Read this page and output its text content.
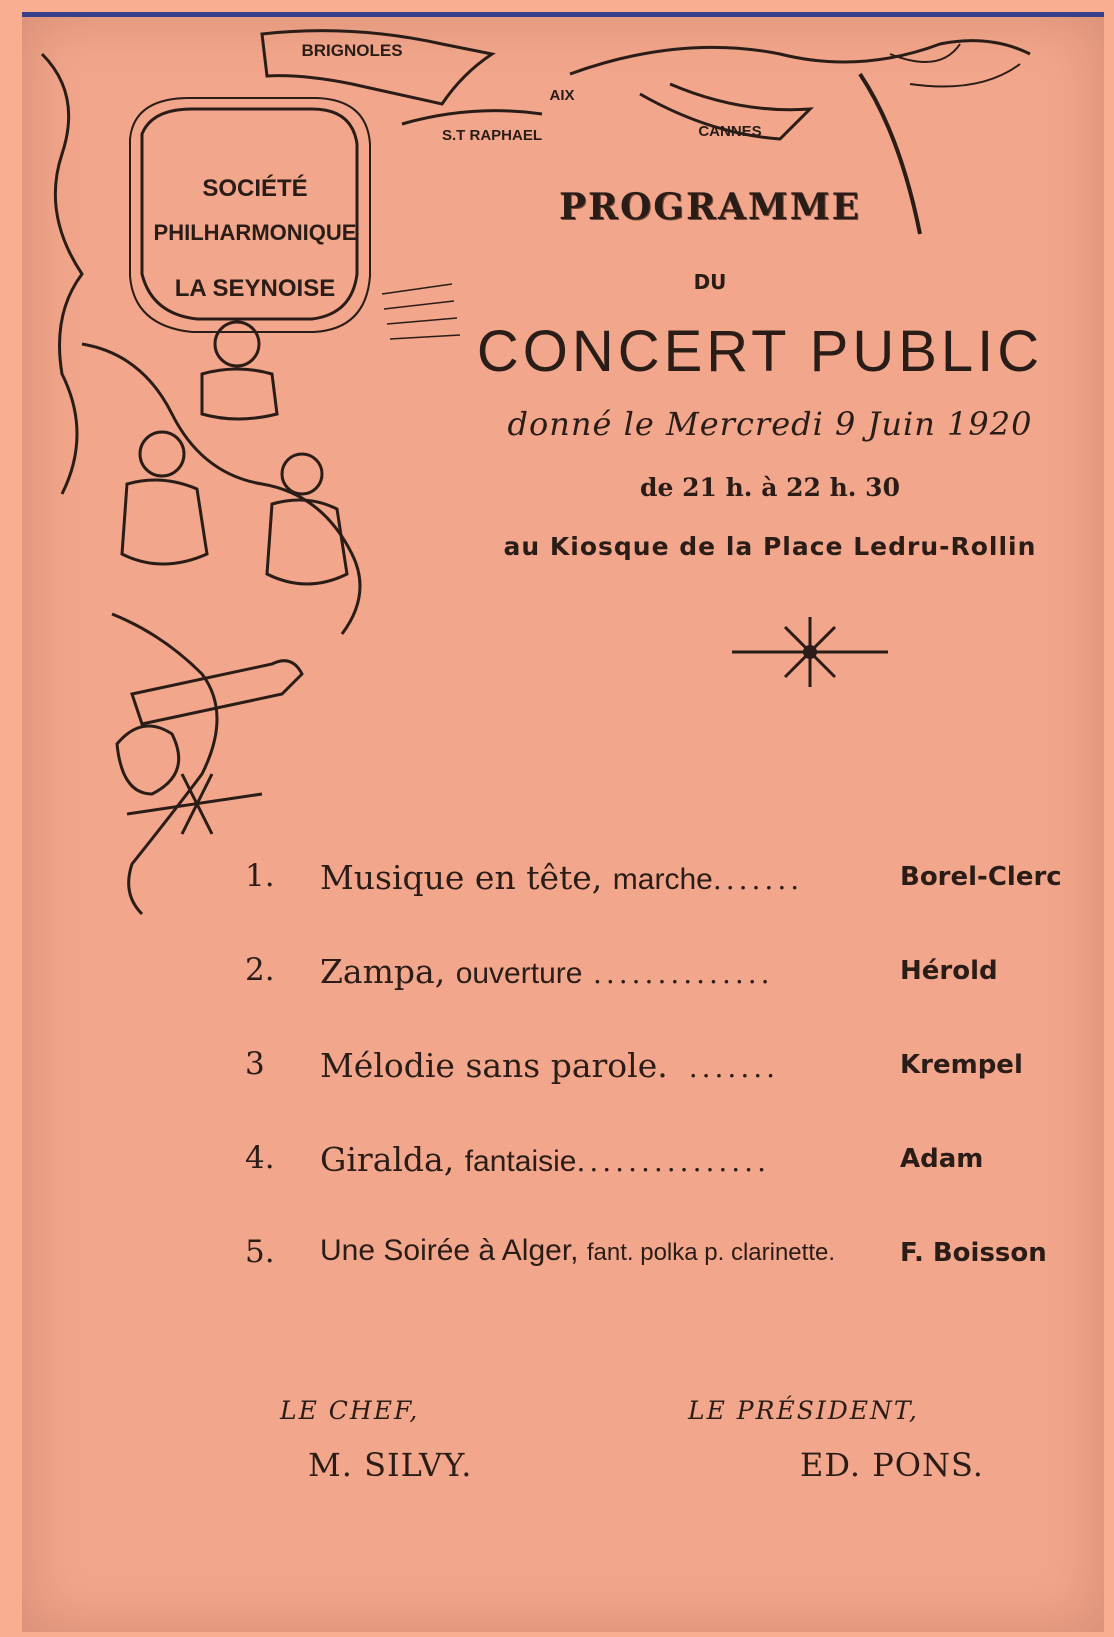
SOCIÉTÉ
PHILHARMONIQUE
LA SEYNOISE
BRIGNOLES
AIX
S.T RAPHAEL	CANNES
PROGRAMME
DU
CONCERT PUBLIC
donné le Mercredi 9 Juin 1920
de 21 h. à 22 h. 30
au Kiosque de la Place Ledru-Rollin
1. Musique en tête, marche.......	Borel-Clerc
2. Zampa, ouverture ..............	Hérold
3 Mélodie sans parole. .......	Krempel
4. Giralda, fantaisie...............	Adam
5. Une Soirée à Alger, fant. polka p. clarinette. F. Boisson
LE CHEF,
M. SILVY.
LE PRÉSIDENT,
ED. PONS.
